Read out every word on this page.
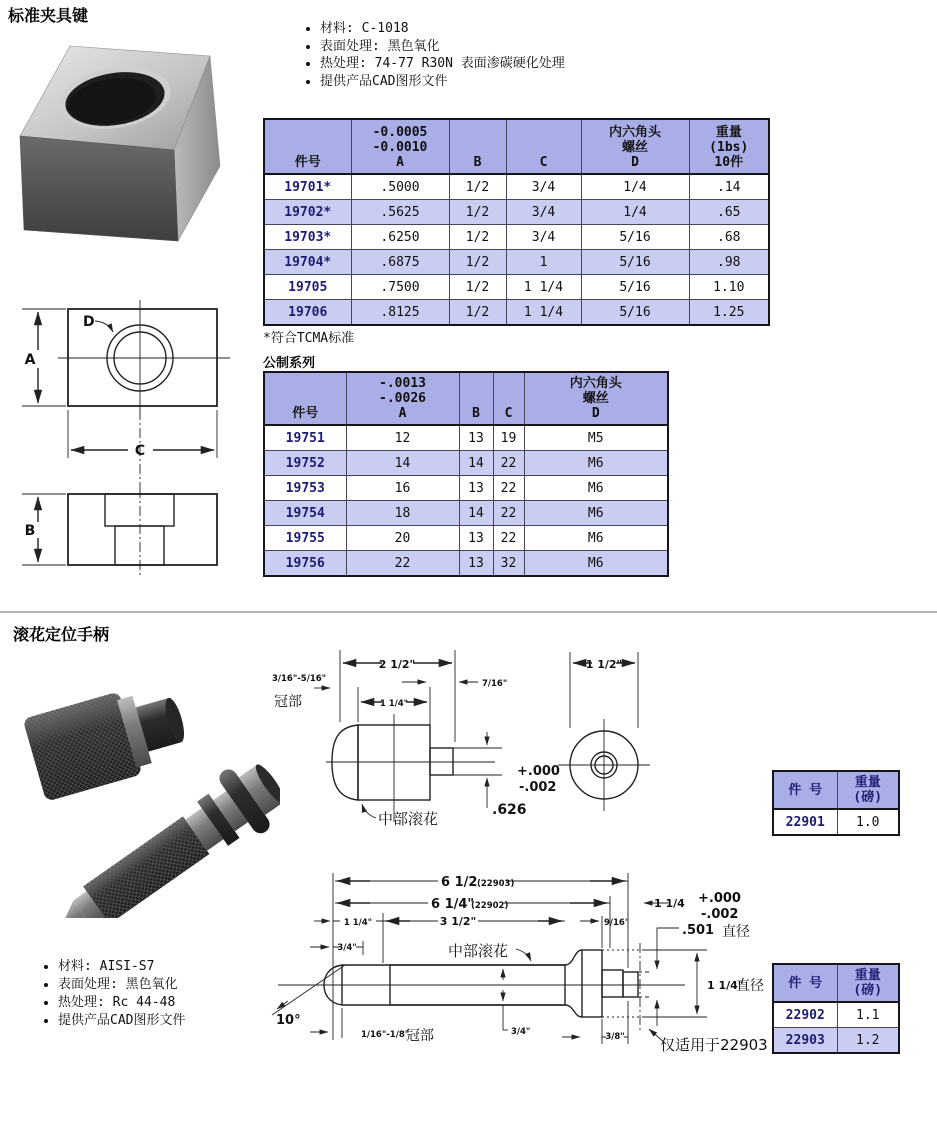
标准夹具键
• 材料: C-1018
• 表面处理: 黑色氧化
• 热处理: 74-77 R30N 表面渗碳硬化处理
• 提供产品CAD图形文件
件号	-0.0005
-0.0010
A	B	C	内六角头
螺丝
D	重量
(1bs)
10件

19701*	.5000	1/2	3/4	1/4	.14
19702*	.5625	1/2	3/4	1/4	.65
19703*	.6250	1/2	3/4	5/16	.68
19704*	.6875	1/2	1	5/16	.98
19705	.7500	1/2	1 1/4	5/16	1.10
19706	.8125	1/2	1 1/4	5/16	1.25
*符合TCMA标准
公制系列
件号	-.0013
-.0026
A	B	C	内六角头
螺丝
D

19751	12	13	19	M5
19752	14	14	22	M6
19753	16	13	22	M6
19754	18	14	22	M6
19755	20	13	22	M6
19756	22	13	32	M6
D
A
C
B
滚花定位手柄
3/16"-5/16"
冠部
2 1/2"
1 1/4"
7/16"
+.000
-.002
.626
中部滚花
1 1/2"
件 号	重量
(磅)

22901	1.0
6 1/2 (22903)
6 1/4"
(22902)	1 1/4
1 1/4"	3 1/2"	9/16"
3/4"	中部滚花
+.000
-.002
.501 直径
10°
1/16"-1/8"
冠部	3/4"	3/8" 仅适用于22903
1 1/4"
直径
• 材料: AISI-S7
• 表面处理: 黑色氧化
• 热处理: Rc 44-48
• 提供产品CAD图形文件
件 号	重量
(磅)

22902	1.1
22903	1.2
